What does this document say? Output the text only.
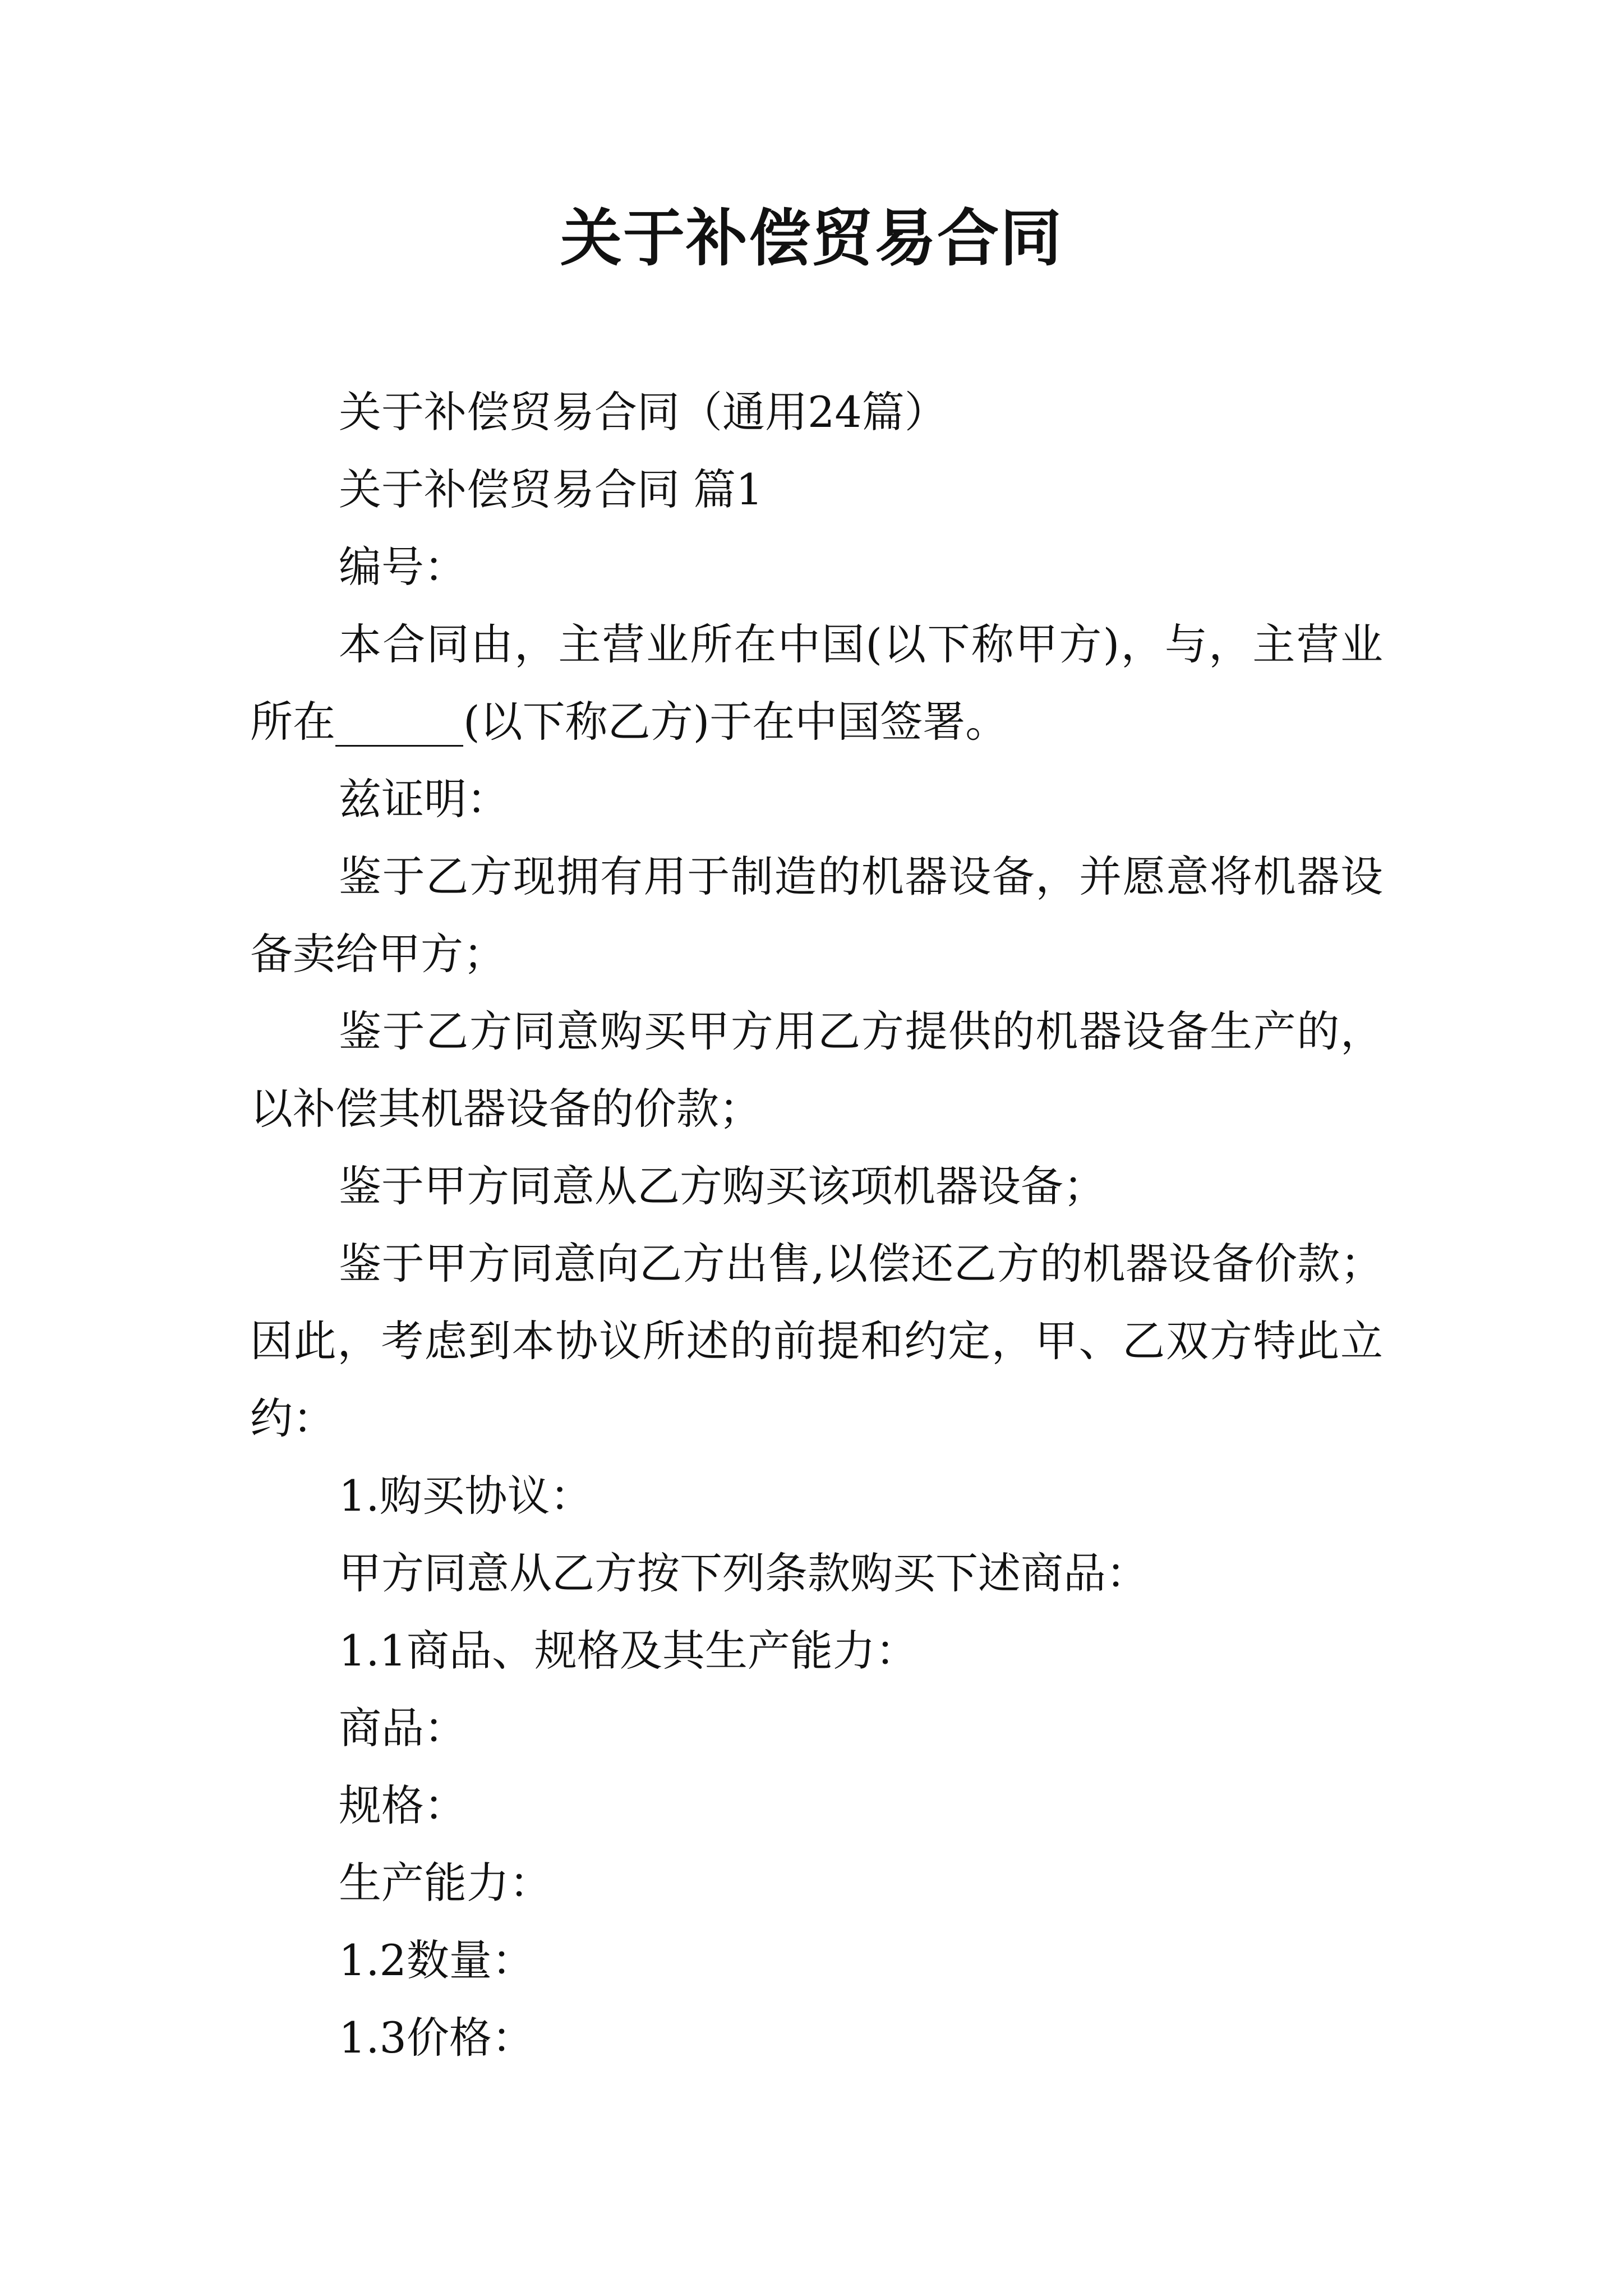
关于补偿贸易合同

关于补偿贸易合同（通用24篇）

关于补偿贸易合同 篇1

编号：

本合同由，主营业所在中国(以下称甲方)，与，主营业所在______(以下称乙方)于在中国签署。

兹证明：

鉴于乙方现拥有用于制造的机器设备，并愿意将机器设备卖给甲方；

鉴于乙方同意购买甲方用乙方提供的机器设备生产的，以补偿其机器设备的价款；

鉴于甲方同意从乙方购买该项机器设备；

鉴于甲方同意向乙方出售,以偿还乙方的机器设备价款；因此，考虑到本协议所述的前提和约定，甲、乙双方特此立约：

1.购买协议：

甲方同意从乙方按下列条款购买下述商品：

1.1商品、规格及其生产能力：

商品：

规格：

生产能力：

1.2数量：

1.3价格：
